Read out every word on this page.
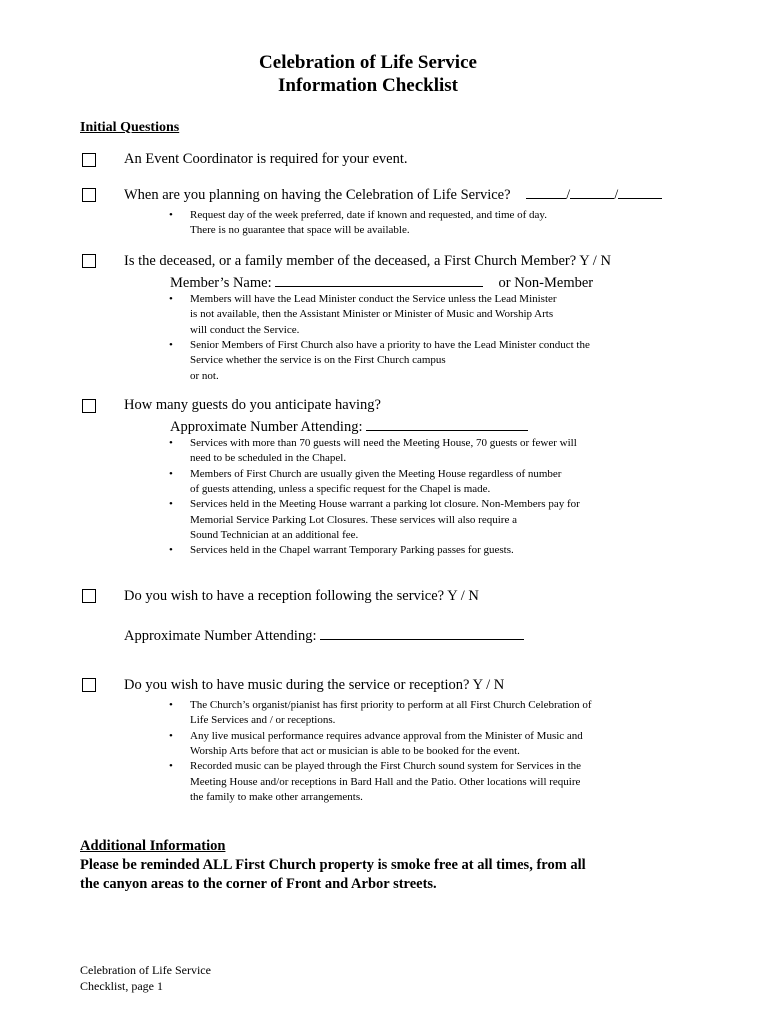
Celebration of Life Service
Information Checklist
Initial Questions
An Event Coordinator is required for your event.
When are you planning on having the Celebration of Life Service?	/	/
• Request day of the week preferred, date if known and requested, and time of day.
There is no guarantee that space will be available.
Is the deceased, or a family member of the deceased, a First Church Member? Y / N
Member’s Name:	or Non-Member
• Members will have the Lead Minister conduct the Service unless the Lead Minister
is not available, then the Assistant Minister or Minister of Music and Worship Arts
will conduct the Service.
• Senior Members of First Church also have a priority to have the Lead Minister conduct the
Service whether the service is on the First Church campus
or not.
How many guests do you anticipate having?
Approximate Number Attending:
• Services with more than 70 guests will need the Meeting House, 70 guests or fewer will
need to be scheduled in the Chapel.
• Members of First Church are usually given the Meeting House regardless of number
of guests attending, unless a specific request for the Chapel is made.
• Services held in the Meeting House warrant a parking lot closure. Non-Members pay for
Memorial Service Parking Lot Closures. These services will also require a
Sound Technician at an additional fee.
• Services held in the Chapel warrant Temporary Parking passes for guests.
Do you wish to have a reception following the service? Y / N
Approximate Number Attending:
Do you wish to have music during the service or reception? Y / N
• The Church’s organist/pianist has first priority to perform at all First Church Celebration of
Life Services and / or receptions.
• Any live musical performance requires advance approval from the Minister of Music and
Worship Arts before that act or musician is able to be booked for the event.
• Recorded music can be played through the First Church sound system for Services in the
Meeting House and/or receptions in Bard Hall and the Patio. Other locations will require
the family to make other arrangements.
Additional Information
Please be reminded ALL First Church property is smoke free at all times, from all
the canyon areas to the corner of Front and Arbor streets.
Celebration of Life Service
Checklist, page 1
